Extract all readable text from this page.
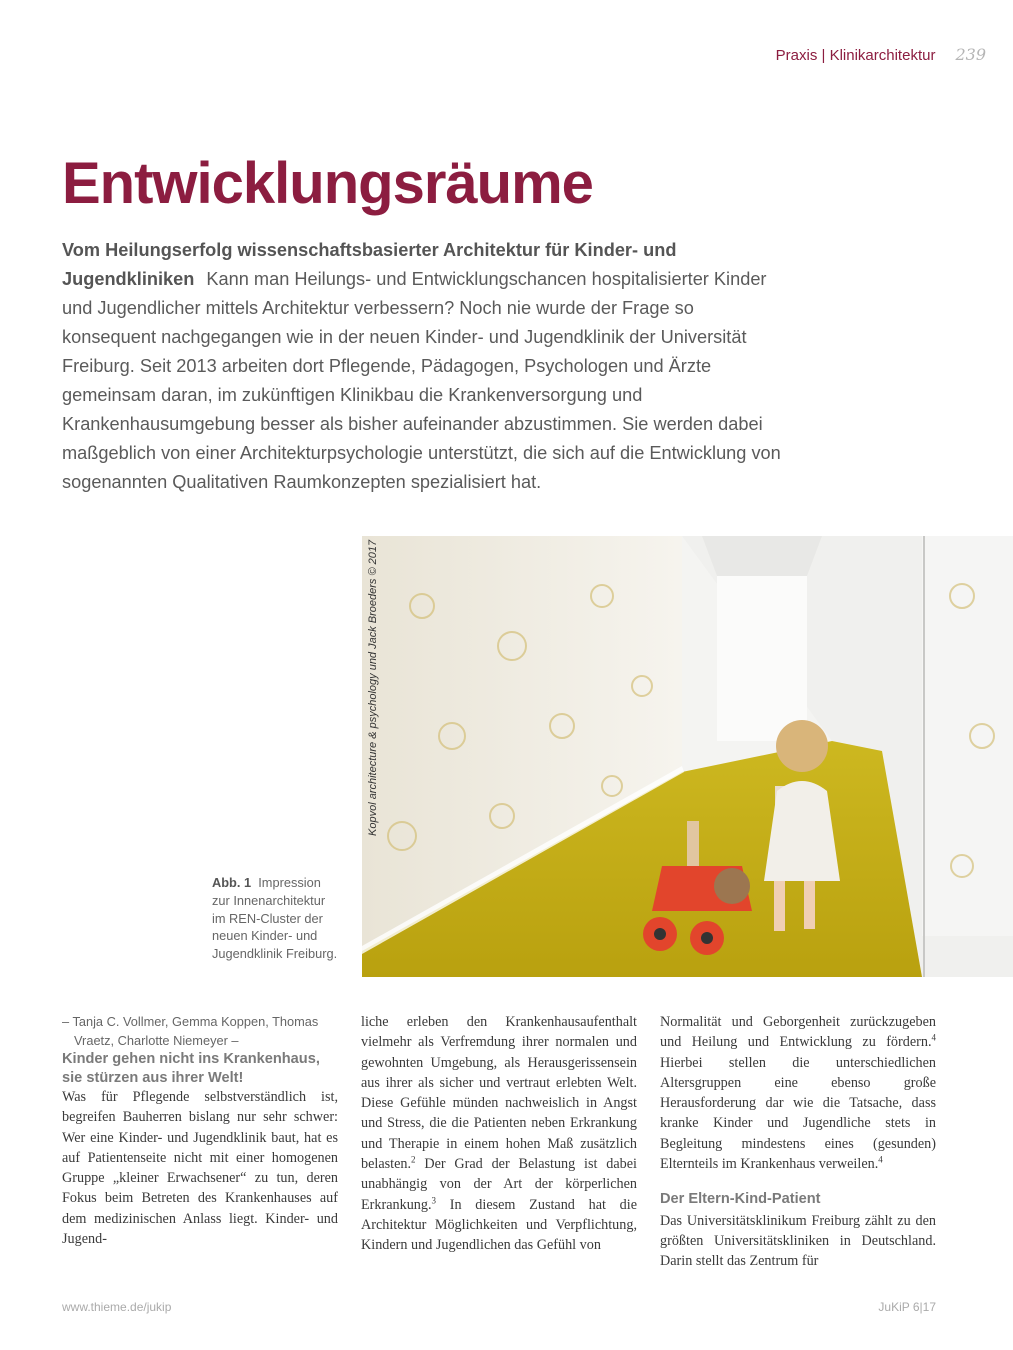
Praxis | Klinikarchitektur 239
Entwicklungsräume

Vom Heilungserfolg wissenschaftsbasierter Architektur für Kinder- und Jugendkliniken Kann man Heilungs- und Entwicklungschancen hospitalisierter Kinder und Jugendlicher mittels Architektur verbessern? Noch nie wurde der Frage so konsequent nachgegangen wie in der neuen Kinder- und Jugendklinik der Universität Freiburg. Seit 2013 arbeiten dort Pflegende, Pädagogen, Psychologen und Ärzte gemeinsam daran, im zukünftigen Klinikbau die Krankenversorgung und Krankenhausumgebung besser als bisher aufeinander abzustimmen. Sie werden dabei maßgeblich von einer Architekturpsychologie unterstützt, die sich auf die Entwicklung von sogenannten Qualitativen Raumkonzepten spezialisiert hat.

Kopvol architecture & psychology und Jack Broeders © 2017
Abb. 1 Impression zur Innenarchitektur im REN-Cluster der neuen Kinder- und Jugendklinik Freiburg.

– Tanja C. Vollmer, Gemma Koppen, Thomas Vraetz, Charlotte Niemeyer –

Kinder gehen nicht ins Krankenhaus, sie stürzen aus ihrer Welt!

Was für Pflegende selbstverständlich ist, begreifen Bauherren bislang nur sehr schwer: Wer eine Kinder- und Jugendklinik baut, hat es auf Patientenseite nicht mit einer homogenen Gruppe „kleiner Erwachsener“ zu tun, deren Fokus beim Betreten des Krankenhauses auf dem medizinischen Anlass liegt. Kinder- und Jugend-

liche erleben den Krankenhausaufenthalt vielmehr als Verfremdung ihrer normalen und gewohnten Umgebung, als Herausgerissensein aus ihrer als sicher und vertraut erlebten Welt. Diese Gefühle münden nachweislich in Angst und Stress, die die Patienten neben Erkrankung und Therapie in einem hohen Maß zusätzlich belasten.$^2$ Der Grad der Belastung ist dabei unabhängig von der Art der körperlichen Erkrankung.$^3$ In diesem Zustand hat die Architektur Möglichkeiten und Verpflichtung, Kindern und Jugendlichen das Gefühl von

Normalität und Geborgenheit zurückzugeben und Heilung und Entwicklung zu fördern.$^4$ Hierbei stellen die unterschiedlichen Altersgruppen eine ebenso große Herausforderung dar wie die Tatsache, dass kranke Kinder und Jugendliche stets in Begleitung mindestens eines (gesunden) Elternteils im Krankenhaus verweilen.$^4$

Der Eltern-Kind-Patient

Das Universitätsklinikum Freiburg zählt zu den größten Universitätskliniken in Deutschland. Darin stellt das Zentrum für

www.thieme.de/jukip	JuKiP 6|17
